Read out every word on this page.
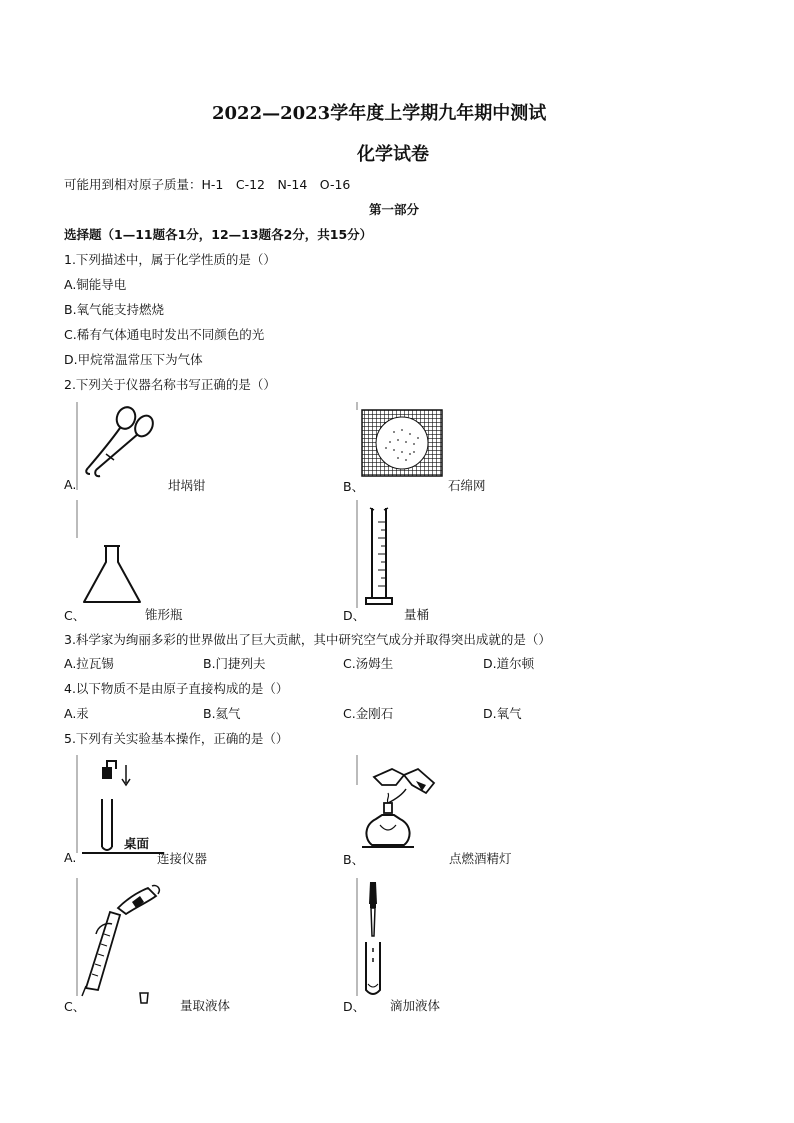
2022—2023学年度上学期九年期中测试
化学试卷
可能用到相对原子质量：H-1　C-12　N-14　O-16
第一部分
选择题（1—11题各1分，12—13题各2分，共15分）
1.下列描述中，属于化学性质的是（）
A.铜能导电
B.氧气能支持燃烧
C.稀有气体通电时发出不同颜色的光
D.甲烷常温常压下为气体
2.下列关于仪器名称书写正确的是（）
A.	坩埚钳	B、	石绵网
C、	锥形瓶	D、	量桶
3.科学家为绚丽多彩的世界做出了巨大贡献，其中研究空气成分并取得突出成就的是（）
A.拉瓦锡	B.门捷列夫	C.汤姆生	D.道尔顿
4.以下物质不是由原子直接构成的是（）
A.汞	B.氦气	C.金刚石	D.氧气
5.下列有关实验基本操作，正确的是（）
桌面
A.	连接仪器	B、	点燃酒精灯
C、	量取液体	D、 滴加液体
